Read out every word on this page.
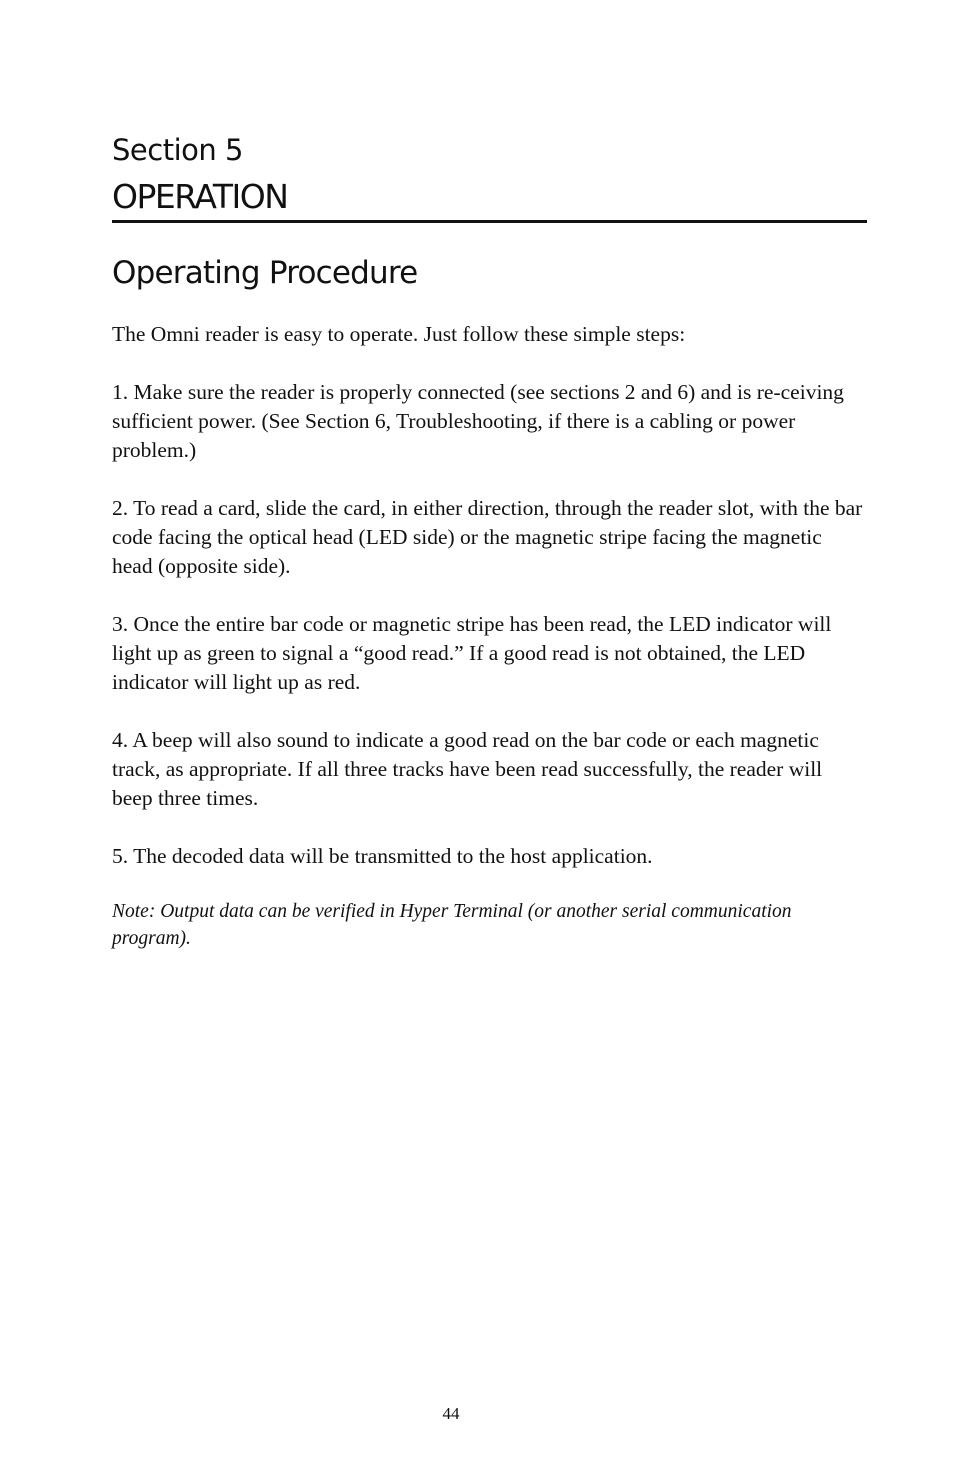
Section 5
OPERATION
Operating Procedure

The Omni reader is easy to operate. Just follow these simple steps:

1. Make sure the reader is properly connected (see sections 2 and 6) and is re-ceiving sufficient power. (See Section 6, Troubleshooting, if there is a cabling or power problem.)

2. To read a card, slide the card, in either direction, through the reader slot, with the bar code facing the optical head (LED side) or the magnetic stripe facing the magnetic head (opposite side).

3. Once the entire bar code or magnetic stripe has been read, the LED indicator will light up as green to signal a “good read.” If a good read is not obtained, the LED indicator will light up as red.

4. A beep will also sound to indicate a good read on the bar code or each magnetic track, as appropriate. If all three tracks have been read successfully, the reader will beep three times.

5. The decoded data will be transmitted to the host application.

Note: Output data can be verified in Hyper Terminal (or another serial communication program).

44
